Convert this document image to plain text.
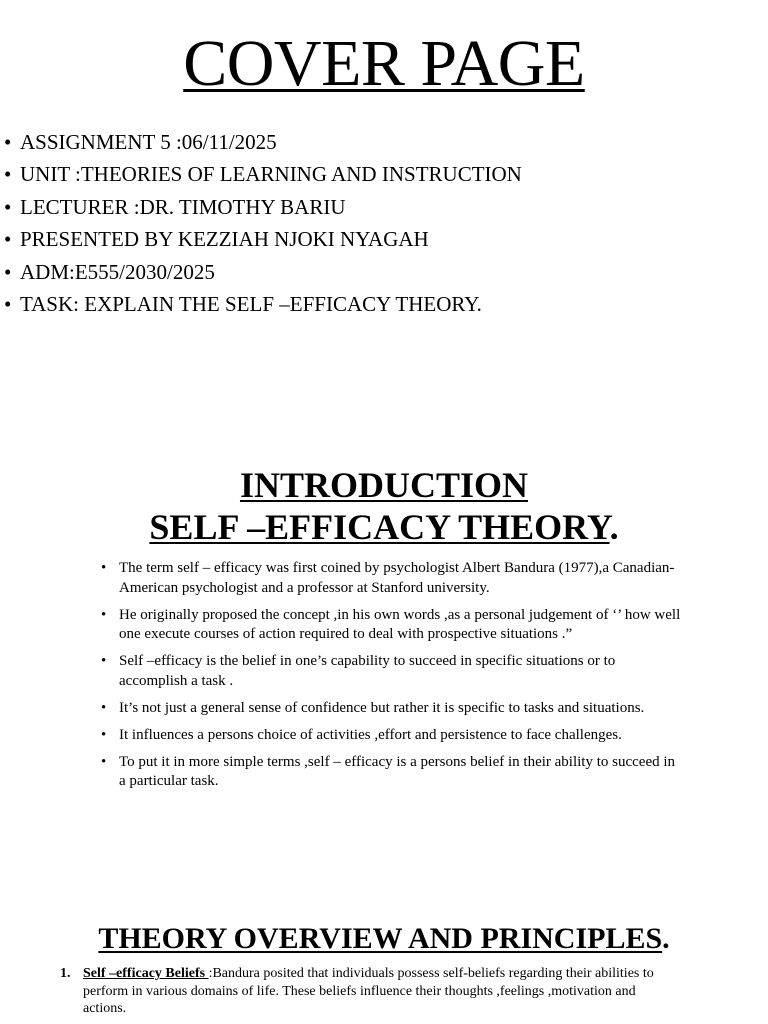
COVER PAGE
• ASSIGNMENT 5 :06/11/2025
• UNIT :THEORIES OF LEARNING AND INSTRUCTION
• LECTURER :DR. TIMOTHY BARIU
• PRESENTED BY KEZZIAH NJOKI NYAGAH
• ADM:E555/2030/2025
• TASK: EXPLAIN THE SELF –EFFICACY THEORY.
INTRODUCTION
SELF –EFFICACY THEORY.
• The term self – efficacy was first coined by psychologist Albert Bandura (1977),a Canadian-American psychologist and a professor at Stanford university.
• He originally proposed the concept ,in his own words ,as a personal judgement of ‘’ how well one execute courses of action required to deal with prospective situations .”
• Self –efficacy is the belief in one’s capability to succeed in specific situations or to accomplish a task .
• It’s not just a general sense of confidence but rather it is specific to tasks and situations.
• It influences a persons choice of activities ,effort and persistence to face challenges.
• To put it in more simple terms ,self – efficacy is a persons belief in their ability to succeed in a particular task.
THEORY OVERVIEW AND PRINCIPLES.
1. Self –efficacy Beliefs :Bandura posited that individuals possess self-beliefs regarding their abilities to perform in various domains of life. These beliefs influence their thoughts ,feelings ,motivation and actions.
